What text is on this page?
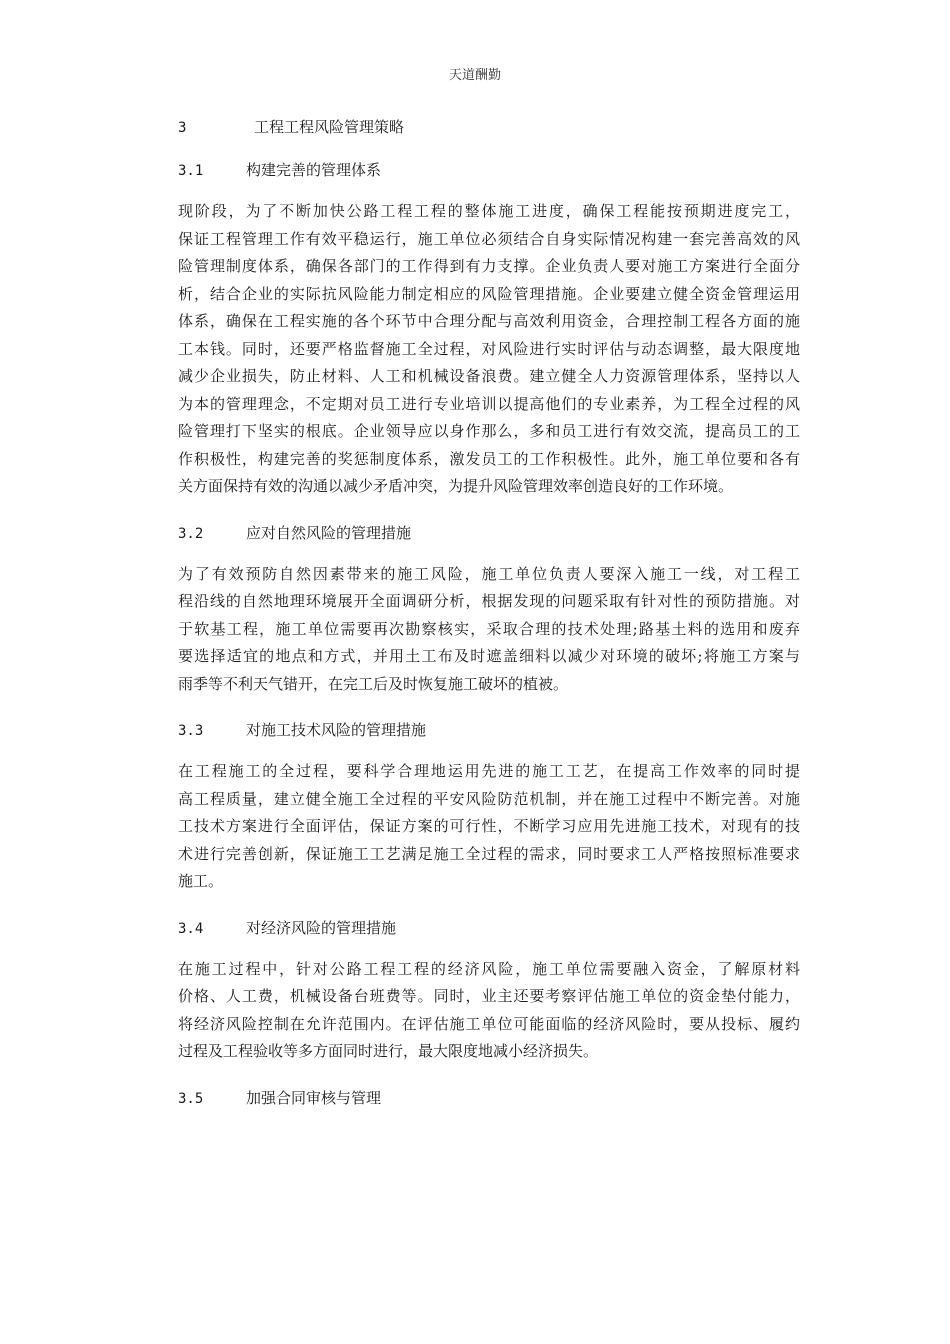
天道酬勤
3	工程工程风险管理策略
3.1	构建完善的管理体系
现阶段，为了不断加快公路工程工程的整体施工进度，确保工程能按预期进度完工，
保证工程管理工作有效平稳运行，施工单位必须结合自身实际情况构建一套完善高效的风
险管理制度体系，确保各部门的工作得到有力支撑。企业负责人要对施工方案进行全面分
析，结合企业的实际抗风险能力制定相应的风险管理措施。企业要建立健全资金管理运用
体系，确保在工程实施的各个环节中合理分配与高效利用资金，合理控制工程各方面的施
工本钱。同时，还要严格监督施工全过程，对风险进行实时评估与动态调整，最大限度地
减少企业损失，防止材料、人工和机械设备浪费。建立健全人力资源管理体系，坚持以人
为本的管理理念，不定期对员工进行专业培训以提高他们的专业素养，为工程全过程的风
险管理打下坚实的根底。企业领导应以身作那么，多和员工进行有效交流，提高员工的工
作积极性，构建完善的奖惩制度体系，激发员工的工作积极性。此外，施工单位要和各有
关方面保持有效的沟通以减少矛盾冲突，为提升风险管理效率创造良好的工作环境。
3.2	应对自然风险的管理措施
为了有效预防自然因素带来的施工风险，施工单位负责人要深入施工一线，对工程工
程沿线的自然地理环境展开全面调研分析，根据发现的问题采取有针对性的预防措施。对
于软基工程，施工单位需要再次勘察核实，采取合理的技术处理;路基土料的选用和废弃
要选择适宜的地点和方式，并用土工布及时遮盖细料以减少对环境的破坏;将施工方案与
雨季等不利天气错开，在完工后及时恢复施工破坏的植被。
3.3	对施工技术风险的管理措施
在工程施工的全过程，要科学合理地运用先进的施工工艺，在提高工作效率的同时提
高工程质量，建立健全施工全过程的平安风险防范机制，并在施工过程中不断完善。对施
工技术方案进行全面评估，保证方案的可行性，不断学习应用先进施工技术，对现有的技
术进行完善创新，保证施工工艺满足施工全过程的需求，同时要求工人严格按照标准要求
施工。
3.4	对经济风险的管理措施
在施工过程中，针对公路工程工程的经济风险，施工单位需要融入资金，了解原材料
价格、人工费，机械设备台班费等。同时，业主还要考察评估施工单位的资金垫付能力，
将经济风险控制在允许范围内。在评估施工单位可能面临的经济风险时，要从投标、履约
过程及工程验收等多方面同时进行，最大限度地减小经济损失。
3.5	加强合同审核与管理
